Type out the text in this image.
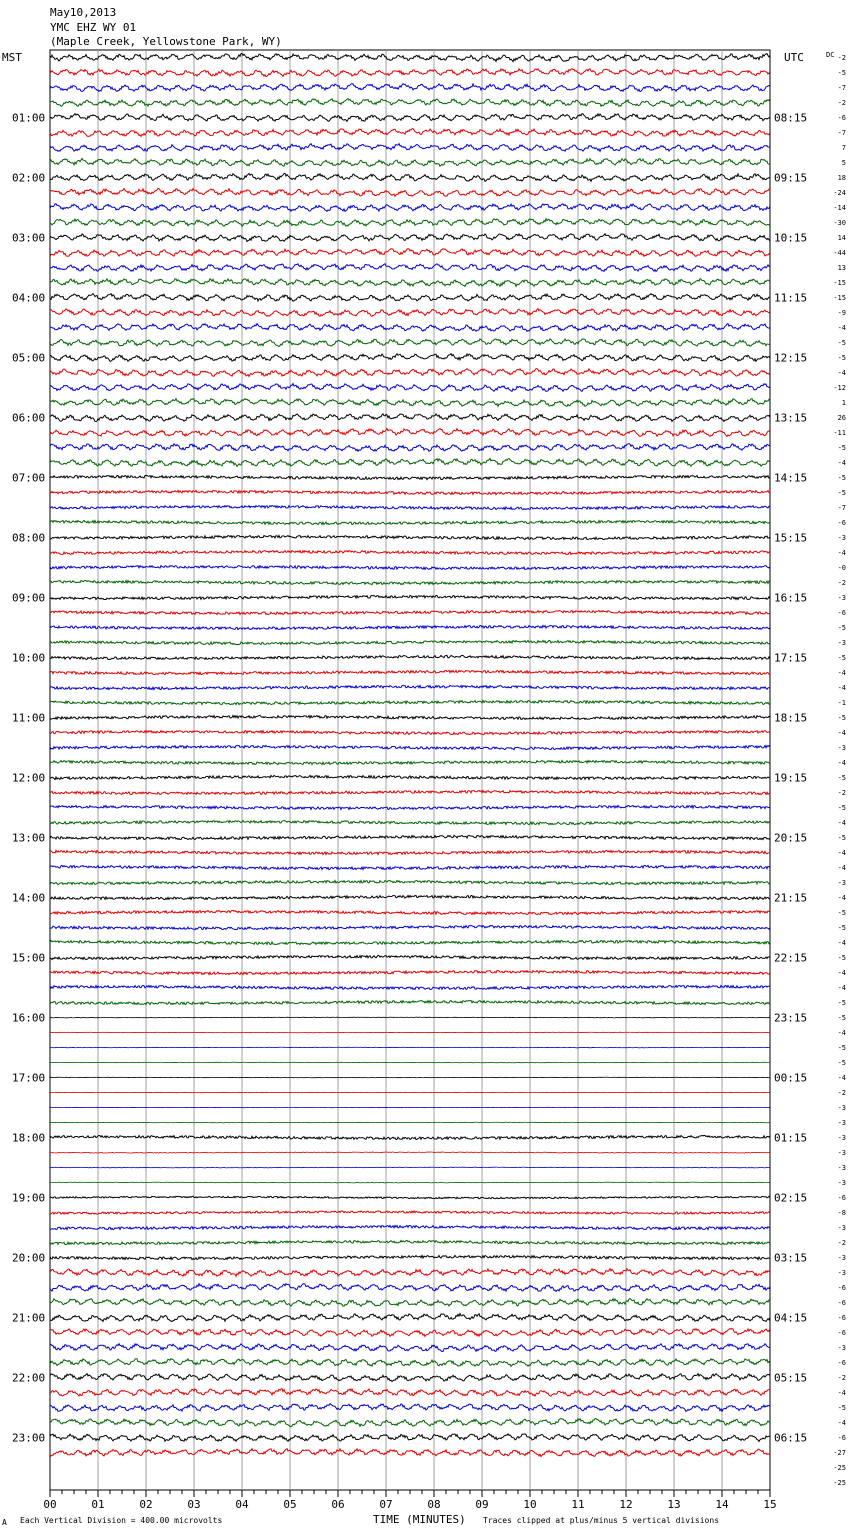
May10,2013
YMC EHZ WY 01
(Maple Creek, Yellowstone Park, WY)
MST	UTC	DC
01:00
02:00
03:00
04:00
05:00
06:00
07:00
08:00
09:00
10:00
11:00
12:00
13:00
14:00
15:00
16:00
17:00
18:00
19:00
20:00
21:00
22:00
23:00
08:15
09:15
10:15
11:15
12:15
13:15
14:15
15:15
16:15
17:15
18:15
19:15
20:15
21:15
22:15
23:15
00:15
01:15
02:15
03:15
04:15
05:15
06:15
-2
-5
-7
-2
-6
-7
7
5
18
-24
-14
-30
14
-44
13
-15
-15
-9
-4
-5
-5
-4
-12
1
26
-11
-5
-4
-5
-5
-7
-6
-3
-4
-0
-2
-3
-6
-5
-3
-5
-4
-4
-1
-5
-4
-3
-4
-5
-2
-5
-4
-5
-4
-4
-3
-4
-5
-5
-4
-5
-4
-4
-5
-5
-4
-5
-5
-4
-2
-3
-3
-3
-3
-3
-3
-6
-8
-3
-2
-3
-3
-6
-6
-6
-6
-3
-6
-2
-4
-5
-4
-6
-27
-25
-25
00	01	02	03	04	05	06	07	08	09	10	11	12	13	14	15
A Each Vertical Division = 400.00 microvolts	TIME (MINUTES) Traces clipped at plus/minus 5 vertical divisions
